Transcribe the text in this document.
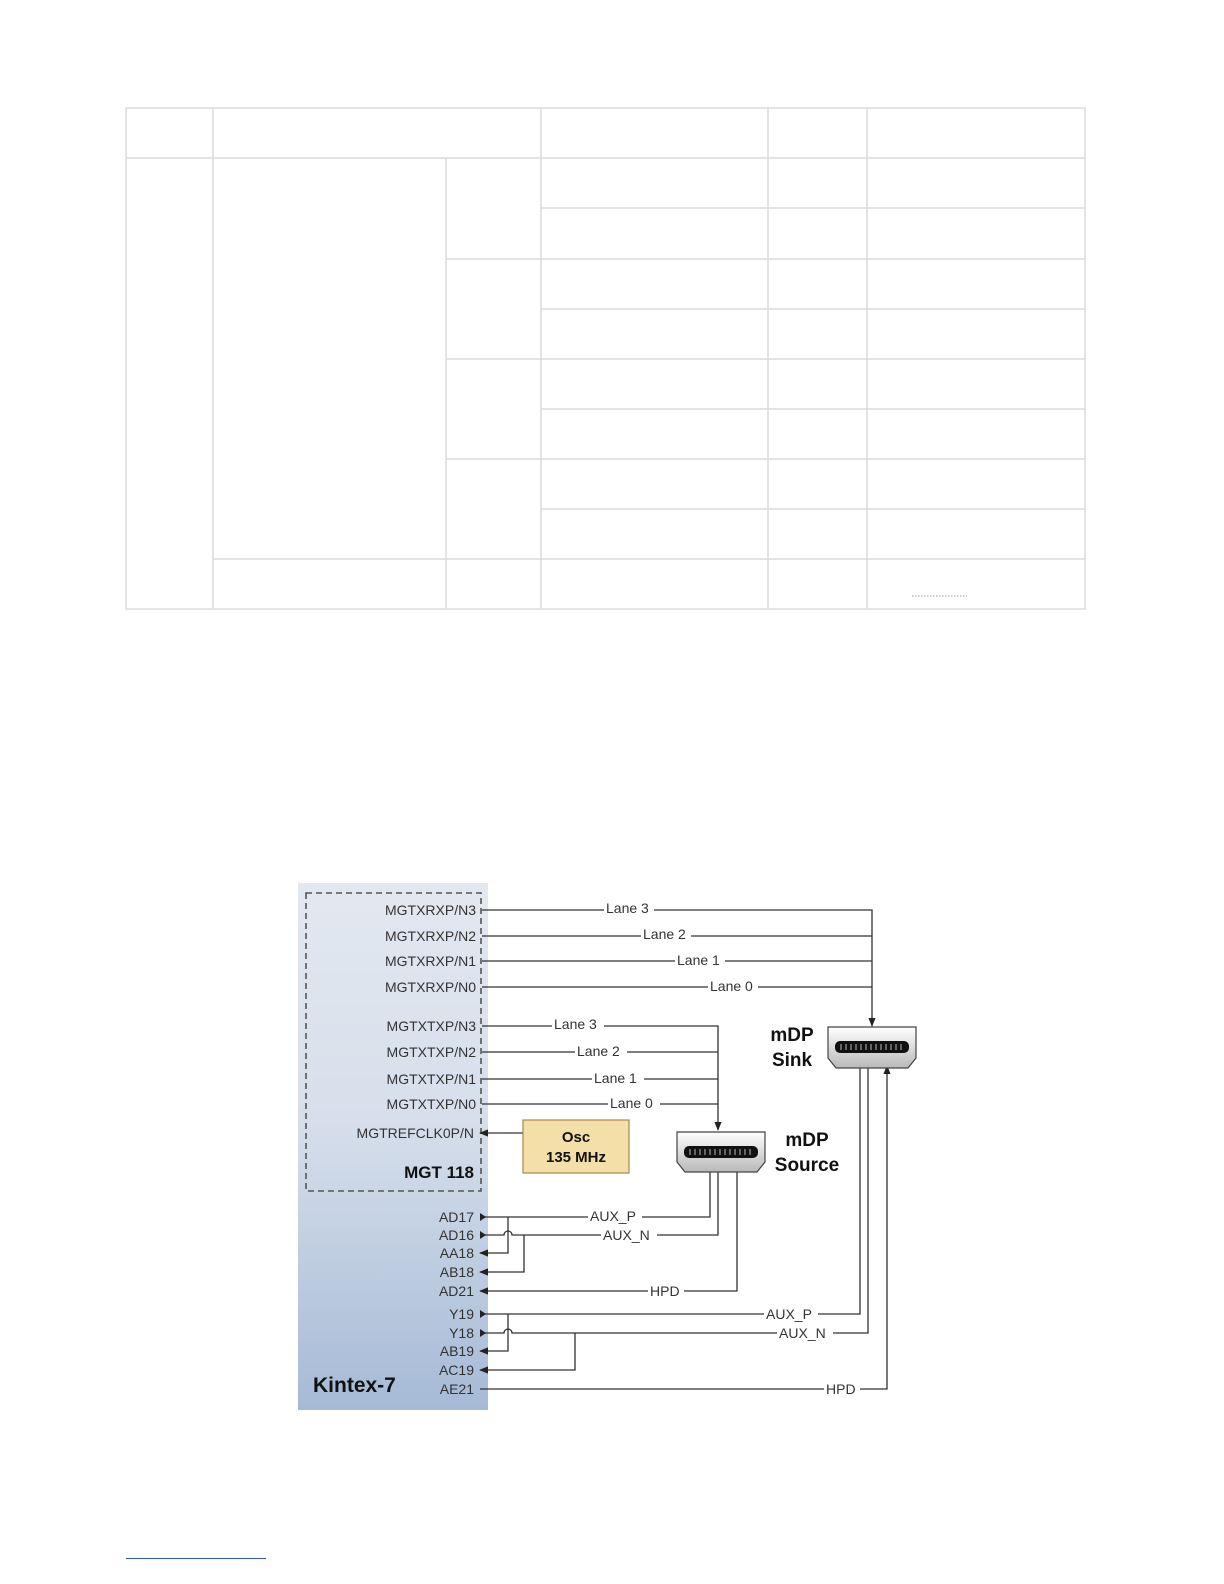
Kintex-7
MGT 118
MGTXRXP/N3
MGTXRXP/N2
MGTXRXP/N1
MGTXRXP/N0
MGTXTXP/N3
MGTXTXP/N2
MGTXTXP/N1
MGTXTXP/N0
MGTREFCLK0P/N
AD17
AD16
AA18
AB18
AD21
Y19
Y18
AB19
AC19
AE21
Lane 3
Lane 2
Lane 1
Lane 0
Lane 3
Lane 2
Lane 1
Lane 0
AUX_P
AUX_N
HPD
AUX_P
AUX_N
HPD
Osc
135 MHz
mDP
Source
mDP
Sink
